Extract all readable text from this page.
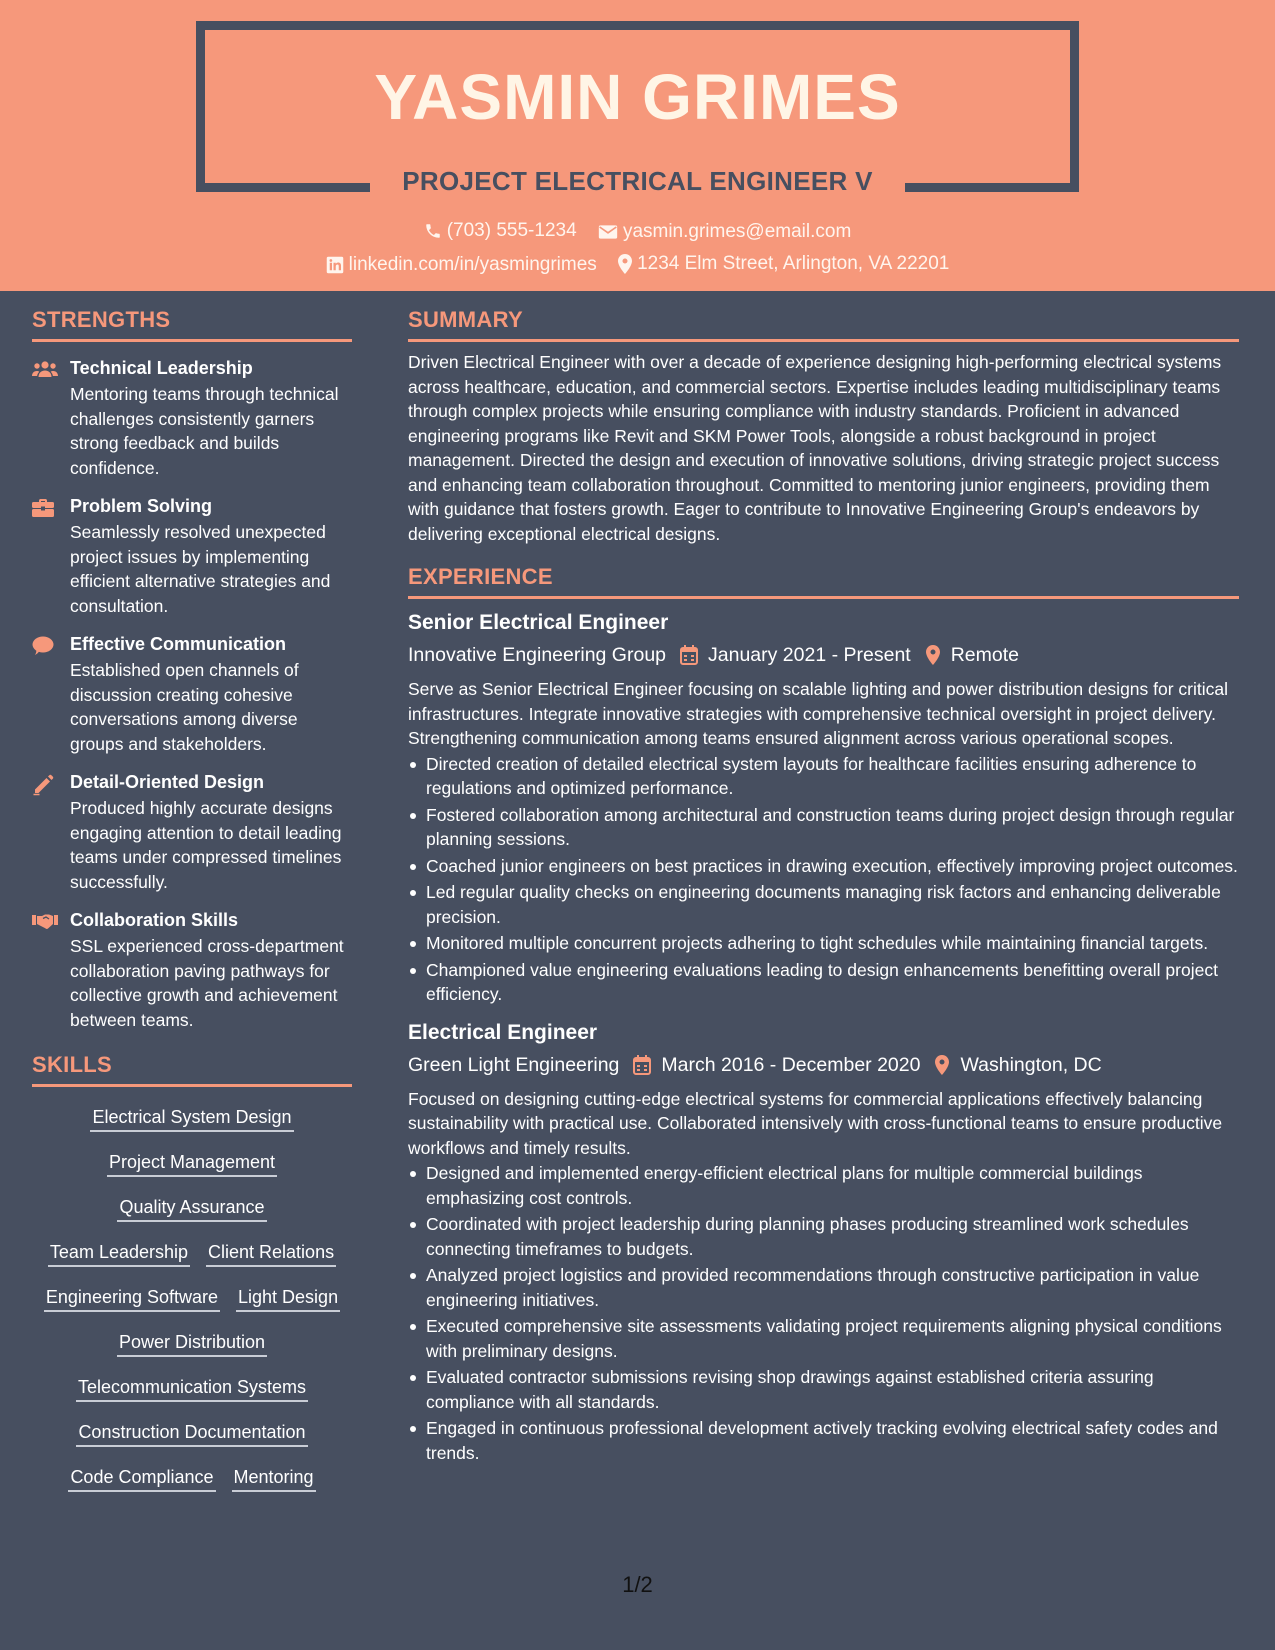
YASMIN GRIMES
PROJECT ELECTRICAL ENGINEER V
(703) 555-1234
yasmin.grimes@email.com
linkedin.com/in/yasmingrimes
1234 Elm Street, Arlington, VA 22201
STRENGTHS
Technical Leadership
Mentoring teams through technical challenges consistently garners strong feedback and builds confidence.
Problem Solving
Seamlessly resolved unexpected project issues by implementing efficient alternative strategies and consultation.
Effective Communication
Established open channels of discussion creating cohesive conversations among diverse groups and stakeholders.
Detail-Oriented Design
Produced highly accurate designs engaging attention to detail leading teams under compressed timelines successfully.
Collaboration Skills
SSL experienced cross-department collaboration paving pathways for collective growth and achievement between teams.
SKILLS
Electrical System Design
Project Management
Quality Assurance
Team Leadership Client Relations
Engineering Software Light Design
Power Distribution
Telecommunication Systems
Construction Documentation
Code Compliance Mentoring
SUMMARY
Driven Electrical Engineer with over a decade of experience designing high-performing electrical systems across healthcare, education, and commercial sectors. Expertise includes leading multidisciplinary teams through complex projects while ensuring compliance with industry standards. Proficient in advanced engineering programs like Revit and SKM Power Tools, alongside a robust background in project management. Directed the design and execution of innovative solutions, driving strategic project success and enhancing team collaboration throughout. Committed to mentoring junior engineers, providing them with guidance that fosters growth. Eager to contribute to Innovative Engineering Group's endeavors by delivering exceptional electrical designs.
EXPERIENCE
Senior Electrical Engineer
Innovative Engineering Group January 2021 - Present Remote
Serve as Senior Electrical Engineer focusing on scalable lighting and power distribution designs for critical infrastructures. Integrate innovative strategies with comprehensive technical oversight in project delivery. Strengthening communication among teams ensured alignment across various operational scopes.
Directed creation of detailed electrical system layouts for healthcare facilities ensuring adherence to regulations and optimized performance.
Fostered collaboration among architectural and construction teams during project design through regular planning sessions.
Coached junior engineers on best practices in drawing execution, effectively improving project outcomes.
Led regular quality checks on engineering documents managing risk factors and enhancing deliverable precision.
Monitored multiple concurrent projects adhering to tight schedules while maintaining financial targets.
Championed value engineering evaluations leading to design enhancements benefitting overall project efficiency.
Electrical Engineer
Green Light Engineering March 2016 - December 2020 Washington, DC
Focused on designing cutting-edge electrical systems for commercial applications effectively balancing sustainability with practical use. Collaborated intensively with cross-functional teams to ensure productive workflows and timely results.
Designed and implemented energy-efficient electrical plans for multiple commercial buildings emphasizing cost controls.
Coordinated with project leadership during planning phases producing streamlined work schedules connecting timeframes to budgets.
Analyzed project logistics and provided recommendations through constructive participation in value engineering initiatives.
Executed comprehensive site assessments validating project requirements aligning physical conditions with preliminary designs.
Evaluated contractor submissions revising shop drawings against established criteria assuring compliance with all standards.
Engaged in continuous professional development actively tracking evolving electrical safety codes and trends.
1/2
